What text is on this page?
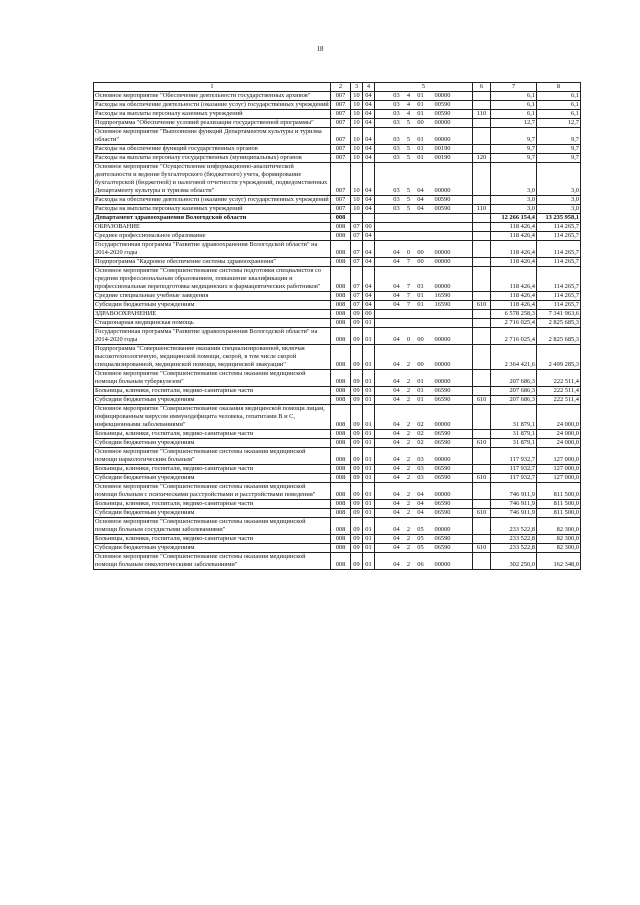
18
1	2	3	4	5	6	7	8
Основное мероприятие "Обеспечение деятельности государственных архивов"	007	10	04	03 4 01 00000		6,1	6,1
Расходы на обеспечение деятельности (оказание услуг) государственных учреждений	007	10	04	03 4 01 00590		6,1	6,1
Расходы на выплаты персоналу казенных учреждений	007	10	04	03 4 01 00590	110	6,1	6,1
Подпрограмма "Обеспечение условий реализации государственной программы"	007	10	04	03 5 00 00000		12,7	12,7
Основное мероприятие "Выполнение функций Департаментом культуры и туризма области"	007	10	04	03 5 01 00000		9,7	9,7
Расходы на обеспечение функций государственных органов	007	10	04	03 5 01 00190		9,7	9,7
Расходы на выплаты персоналу государственных (муниципальных) органов	007	10	04	03 5 01 00190	120	9,7	9,7
Основное мероприятие "Осуществление информационно-аналитической деятельности и ведение бухгалтерского (бюджетного) учета, формирование бухгалтерской (бюджетной) и налоговой отчетности учреждений, подведомственных Департаменту культуры и туризма области"	007	10	04	03 5 04 00000		3,0	3,0
Расходы на обеспечение деятельности (оказание услуг) государственных учреждений	007	10	04	03 5 04 00590		3,0	3,0
Расходы на выплаты персоналу казенных учреждений	007	10	04	03 5 04 00590	110	3,0	3,0
Департамент здравоохранения Вологодской области	008					12 266 154,4	13 235 958,1
ОБРАЗОВАНИЕ	008	07	00			118 426,4	114 265,7
Среднее профессиональное образование	008	07	04			118 426,4	114 265,7
Государственная программа "Развитие здравоохранения Вологодской области" на 2014-2020 годы	008	07	04	04 0 00 00000		118 426,4	114 265,7
Подпрограмма "Кадровое обеспечение системы здравоохранения"	008	07	04	04 7 00 00000		118 426,4	114 265,7
Основное мероприятие "Совершенствование системы подготовки специалистов со средним профессиональным образованием, повышение квалификации и профессиональная переподготовка медицинских и фармацевтических работников"	008	07	04	04 7 01 00000		118 426,4	114 265,7
Средние специальные учебные заведения	008	07	04	04 7 01 16590		118 426,4	114 265,7
Субсидии бюджетным учреждениям	008	07	04	04 7 01 16590	610	118 426,4	114 265,7
ЗДРАВООХРАНЕНИЕ	008	09	00			6 578 258,3	7 341 963,6
Стационарная медицинская помощь	008	09	01			2 716 025,4	2 825 685,3
Государственная программа "Развитие здравоохранения Вологодской области" на 2014-2020 годы	008	09	01	04 0 00 00000		2 716 025,4	2 825 685,3
Подпрограмма "Совершенствование оказания специализированной, включая высокотехнологичную, медицинской помощи, скорой, в том числе скорой специализированной, медицинской помощи, медицинской эвакуации"	008	09	01	04 2 00 00000		2 364 421,6	2 499 285,3
Основное мероприятие "Совершенствование системы оказания медицинской помощи больным туберкулезом"	008	09	01	04 2 01 00000		207 686,3	222 511,4
Больницы, клиники, госпитали, медико-санитарные части	008	09	01	04 2 01 06590		207 686,3	222 511,4
Субсидии бюджетным учреждениям	008	09	01	04 2 01 06590	610	207 686,3	222 511,4
Основное мероприятие "Совершенствование оказания медицинской помощи лицам, инфицированным вирусом иммунодефицита человека, гепатитами В и С, инфекционными заболеваниями"	008	09	01	04 2 02 00000		31 879,1	24 000,0
Больницы, клиники, госпитали, медико-санитарные части	008	09	01	04 2 02 06590		31 879,1	24 000,0
Субсидии бюджетным учреждениям	008	09	01	04 2 02 06590	610	31 879,1	24 000,0
Основное мероприятие "Совершенствование системы оказания медицинской помощи наркологическим больным"	008	09	01	04 2 03 00000		117 932,7	127 000,0
Больницы, клиники, госпитали, медико-санитарные части	008	09	01	04 2 03 06590		117 932,7	127 000,0
Субсидии бюджетным учреждениям	008	09	01	04 2 03 06590	610	117 932,7	127 000,0
Основное мероприятие "Совершенствование системы оказания медицинской помощи больным с психическими расстройствами и расстройствами поведения"	008	09	01	04 2 04 00000		746 911,9	811 500,0
Больницы, клиники, госпитали, медико-санитарные части	008	09	01	04 2 04 06590		746 911,9	811 500,0
Субсидии бюджетным учреждениям	008	09	01	04 2 04 06590	610	746 911,9	811 500,0
Основное мероприятие "Совершенствование системы оказания медицинской помощи больным сосудистыми заболеваниями"	008	09	01	04 2 05 00000		233 522,8	82 300,0
Больницы, клиники, госпитали, медико-санитарные части	008	09	01	04 2 05 06590		233 522,8	82 300,0
Субсидии бюджетным учреждениям	008	09	01	04 2 05 06590	610	233 522,8	82 300,0
Основное мероприятие "Совершенствование системы оказания медицинской помощи больным онкологическими заболеваниями"	008	09	01	04 2 06 00000		302 250,0	162 348,0
